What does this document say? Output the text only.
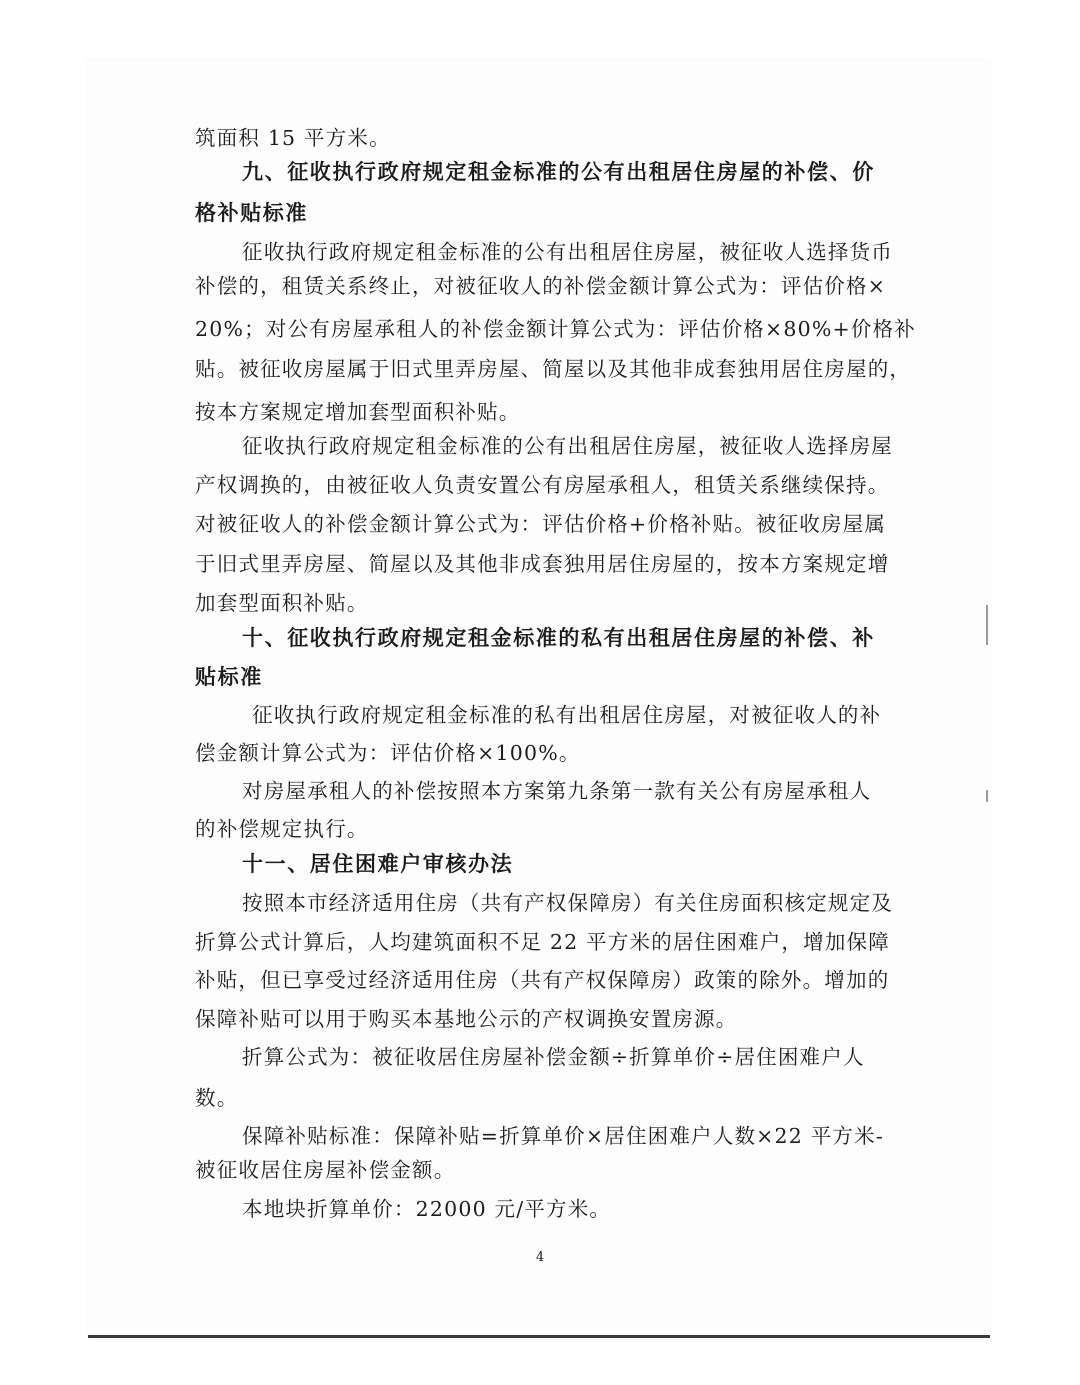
筑面积 15 平方米。
九、征收执行政府规定租金标准的公有出租居住房屋的补偿、价
格补贴标准
征收执行政府规定租金标准的公有出租居住房屋，被征收人选择货币
补偿的，租赁关系终止，对被征收人的补偿金额计算公式为：评估价格×
20%；对公有房屋承租人的补偿金额计算公式为：评估价格×80%+价格补
贴。被征收房屋属于旧式里弄房屋、简屋以及其他非成套独用居住房屋的，
按本方案规定增加套型面积补贴。
征收执行政府规定租金标准的公有出租居住房屋，被征收人选择房屋
产权调换的，由被征收人负责安置公有房屋承租人，租赁关系继续保持。
对被征收人的补偿金额计算公式为：评估价格+价格补贴。被征收房屋属
于旧式里弄房屋、简屋以及其他非成套独用居住房屋的，按本方案规定增
加套型面积补贴。
十、征收执行政府规定租金标准的私有出租居住房屋的补偿、补
贴标准
征收执行政府规定租金标准的私有出租居住房屋，对被征收人的补
偿金额计算公式为：评估价格×100%。
对房屋承租人的补偿按照本方案第九条第一款有关公有房屋承租人
的补偿规定执行。
十一、居住困难户审核办法
按照本市经济适用住房（共有产权保障房）有关住房面积核定规定及
折算公式计算后，人均建筑面积不足 22 平方米的居住困难户，增加保障
补贴，但已享受过经济适用住房（共有产权保障房）政策的除外。增加的
保障补贴可以用于购买本基地公示的产权调换安置房源。
折算公式为：被征收居住房屋补偿金额÷折算单价÷居住困难户人
数。
保障补贴标准：保障补贴=折算单价×居住困难户人数×22 平方米-
被征收居住房屋补偿金额。
本地块折算单价：22000 元/平方米。
4
